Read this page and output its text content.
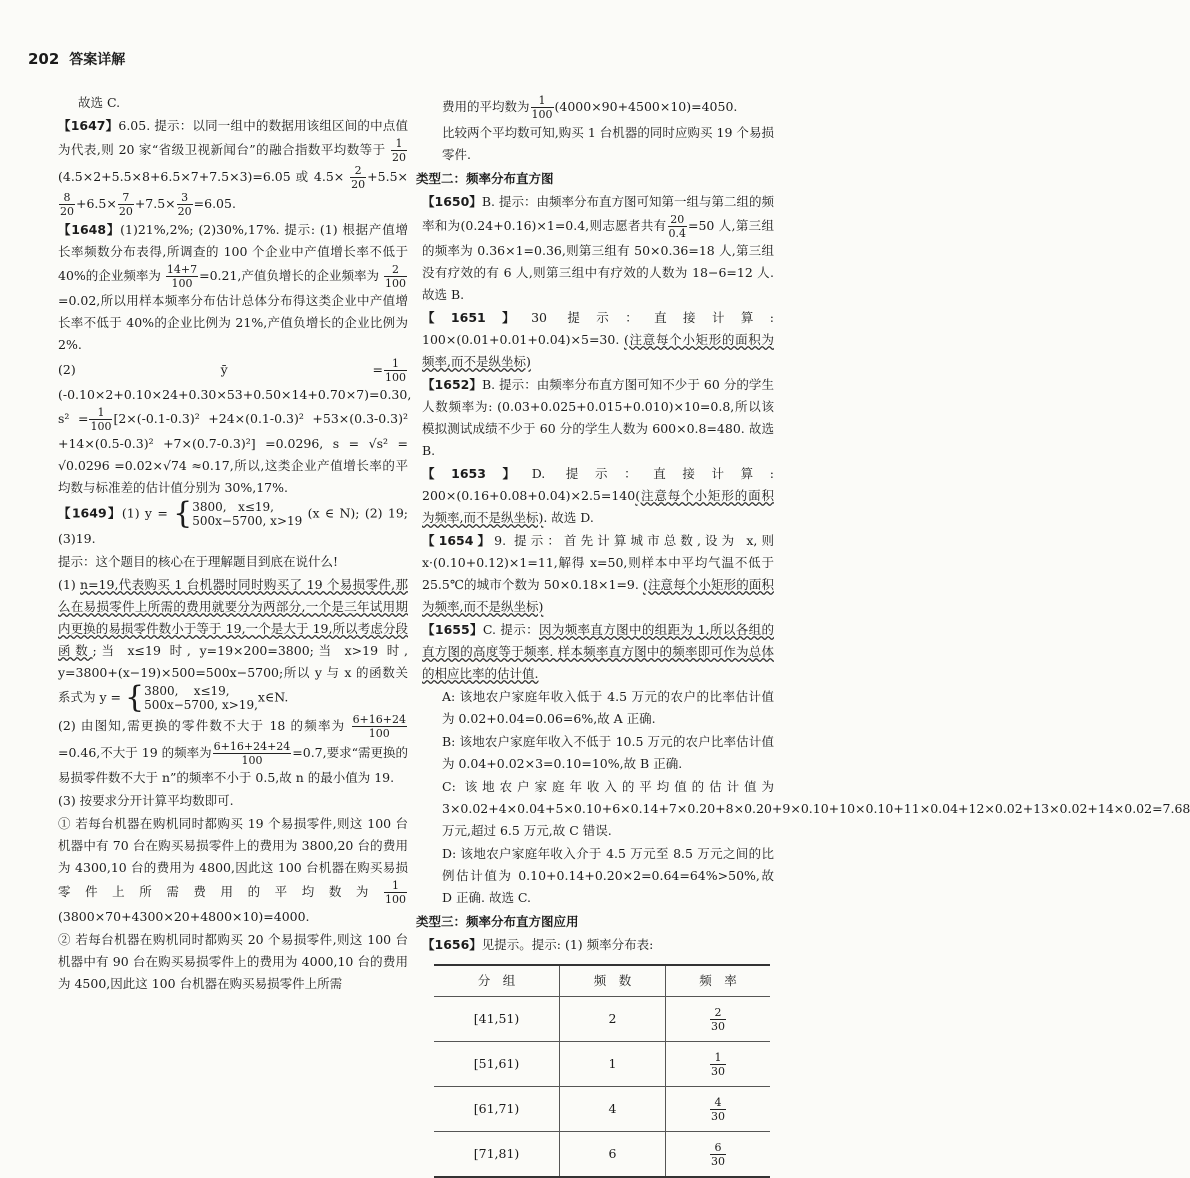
202 答案详解

故选 C.

【1647】6.05. 提示：以同一组中的数据用该组区间的中点值为代表,则 20 家“省级卫视新闻台”的融合指数平均数等于 $\frac{1}{20}$
(4.5×2+5.5×8+6.5×7+7.5×3)=6.05 或 $4.5\times \frac{2}{20} +5.5\times$
$\frac{8}{20} +6.5\times \frac{7}{20} +7.5\times \frac{3}{20} =6.05$.

【1648】(1)21%,2%; (2)30%,17%. 提示: (1) 根据产值增长率频数分布表得,所调查的 100 个企业中产值增长率不低于 40%的企业频率为 $\frac{14+7}{100} =0.21$,产值负增长的企业频率为 $\frac{2}{100}$
=0.02,所以用样本频率分布估计总体分布得这类企业中产值增长率不低于 40%的企业比例为 21%,产值负增长的企业比例为 2%.

(2) ȳ = $\frac{1}{100}$
(-0.10×2+0.10×24+0.30×53+0.50×14+0.70×7)=0.30, $s^2 = \frac{1}{100} [2\times(-0.1-0.3)^2 +24\times(0.1-0.3)^2 +53\times(0.3-0.3)^2 +14\times(0.5-0.3)^2 +7\times(0.7-0.3)^2] =0.0296$, s = √s² = √0.0296 =0.02×√74 ≈0.17,所以,这类企业产值增长率的平均数与标准差的估计值分别为 30%,17%.

【1649】(1) y = {3800, x≤19,
500x−5700, x>19 (x ∈ N); (2) 19; (3)19.

提示：这个题目的核心在于理解题目到底在说什么!

(1) n=19,代表购买 1 台机器时同时购买了 19 个易损零件,那么在易损零件上所需的费用就要分为两部分,一个是三年试用期内更换的易损零件数小于等于 19,一个是大于 19,所以考虑分段函数;当 x≤19 时, y=19×200=3800;当 x>19 时, y=3800+(x−19)×500=500x−5700;所以 y 与 x 的函数关系式为 y = {3800, x≤19,
500x−5700, x>19,x∈N.

(2) 由图知,需更换的零件数不大于 18 的频率为 $\frac{6+16+24}{100}$
=0.46,不大于 19 的频率为 $\frac{6+16+24+24}{100} =0.7$,要求“需更换的易损零件数不大于 n”的频率不小于 0.5,故 n 的最小值为 19.

(3) 按要求分开计算平均数即可.

① 若每台机器在购机同时都购买 19 个易损零件,则这 100 台机器中有 70 台在购买易损零件上的费用为 3800,20 台的费用为 4300,10 台的费用为 4800,因此这 100 台机器在购买易损零件上所需费用的平均数为 $\frac{1}{100}$
(3800×70+4300×20+4800×10)=4000.

② 若每台机器在购机同时都购买 20 个易损零件,则这 100 台机器中有 90 台在购买易损零件上的费用为 4000,10 台的费用为 4500,因此这 100 台机器在购买易损零件上所需

费用的平均数为 $\frac{1}{100} (4000\times 90+4500\times 10)=4050$.

比较两个平均数可知,购买 1 台机器的同时应购买 19 个易损零件.

类型二：频率分布直方图

【1650】B. 提示：由频率分布直方图可知第一组与第二组的频率和为(0.24+0.16)×1=0.4,则志愿者共有 $\frac{20}{0.4} =50$ 人,第三组的频率为 0.36×1=0.36,则第三组有 50×0.36=18 人,第三组没有疗效的有 6 人,则第三组中有疗效的人数为 18−6=12 人. 故选 B.

【1651】30 提示：直接计算: 100×(0.01+0.01+0.04)×5=30. (注意每个小矩形的面积为频率,而不是纵坐标)

【1652】B. 提示：由频率分布直方图可知不少于 60 分的学生人数频率为: (0.03+0.025+0.015+0.010)×10=0.8,所以该模拟测试成绩不少于 60 分的学生人数为 600×0.8=480. 故选 B.

【1653】D. 提示：直接计算: 200×(0.16+0.08+0.04)×2.5=140(注意每个小矩形的面积为频率,而不是纵坐标). 故选 D.

【1654】9. 提示：首先计算城市总数,设为 x,则 x·(0.10+0.12)×1=11,解得 x=50,则样本中平均气温不低于 25.5℃的城市个数为 50×0.18×1=9. (注意每个小矩形的面积为频率,而不是纵坐标)

【1655】C. 提示：因为频率直方图中的组距为 1,所以各组的直方图的高度等于频率. 样本频率直方图中的频率即可作为总体的相应比率的估计值.

A: 该地农户家庭年收入低于 4.5 万元的农户的比率估计值为 0.02+0.04=0.06=6%,故 A 正确.

B: 该地农户家庭年收入不低于 10.5 万元的农户比率估计值为 0.04+0.02×3=0.10=10%,故 B 正确.

C: 该地农户家庭年收入的平均值的估计值为 3×0.02+4×0.04+5×0.10+6×0.14+7×0.20+8×0.20+9×0.10+10×0.10+11×0.04+12×0.02+13×0.02+14×0.02=7.68 万元,超过 6.5 万元,故 C 错误.

D: 该地农户家庭年收入介于 4.5 万元至 8.5 万元之间的比例估计值为 0.10+0.14+0.20×2=0.64=64%>50%,故 D 正确. 故选 C.

类型三：频率分布直方图应用

【1656】见提示。提示: (1) 频率分布表:

分　组	频　数	频　率
[41,51)	2	$\frac{2}{30}$

[51,61)	1	$\frac{1}{30}$

[61,71)	4	$\frac{4}{30}$

[71,81)	6	$\frac{6}{30}$
